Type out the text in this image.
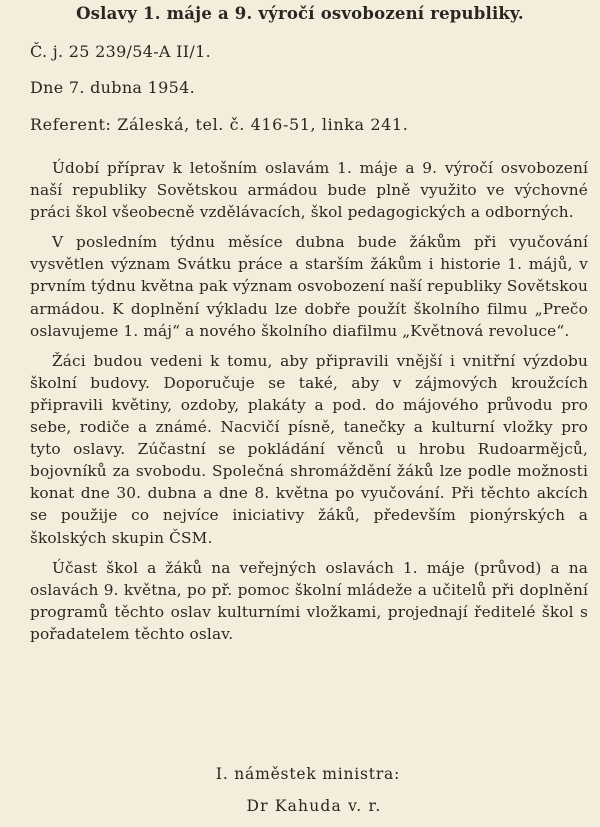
Oslavy 1. máje a 9. výročí osvobození republiky.

Č. j. 25 239/54-A II/1.

Dne 7. dubna 1954.

Referent: Záleská, tel. č. 416-51, linka 241.

Údobí příprav k letošním oslavám 1. máje a 9. výročí osvobození naší republiky Sovětskou armádou bude plně využito ve výchovné práci škol všeobecně vzdělávacích, škol pedagogických a odborných.

V posledním týdnu měsíce dubna bude žákům při vyučování vysvětlen význam Svátku práce a starším žákům i historie 1. májů, v prvním týdnu května pak význam osvobození naší republiky Sovětskou armádou. K doplnění výkladu lze dobře použít školního filmu „Prečo oslavujeme 1. máj“ a nového školního diafilmu „Květnová revoluce“.

Žáci budou vedeni k tomu, aby připravili vnější i vnitřní výzdobu školní budovy. Doporučuje se také, aby v zájmových kroužcích připravili květiny, ozdoby, plakáty a pod. do májového průvodu pro sebe, rodiče a známé. Nacvičí písně, tanečky a kulturní vložky pro tyto oslavy. Zúčastní se pokládání věnců u hrobu Rudoarmějců, bojovníků za svobodu. Společná shromáždění žáků lze podle možnosti konat dne 30. dubna a dne 8. května po vyučování. Při těchto akcích se použije co nejvíce iniciativy žáků, především pionýrských a školských skupin ČSM.

Účast škol a žáků na veřejných oslavách 1. máje (průvod) a na oslavách 9. května, po př. pomoc školní mládeže a učitelů při doplnění programů těchto oslav kulturními vložkami, projednají ředitelé škol s pořadatelem těchto oslav.

I. náměstek ministra:

Dr Kahuda v. r.
